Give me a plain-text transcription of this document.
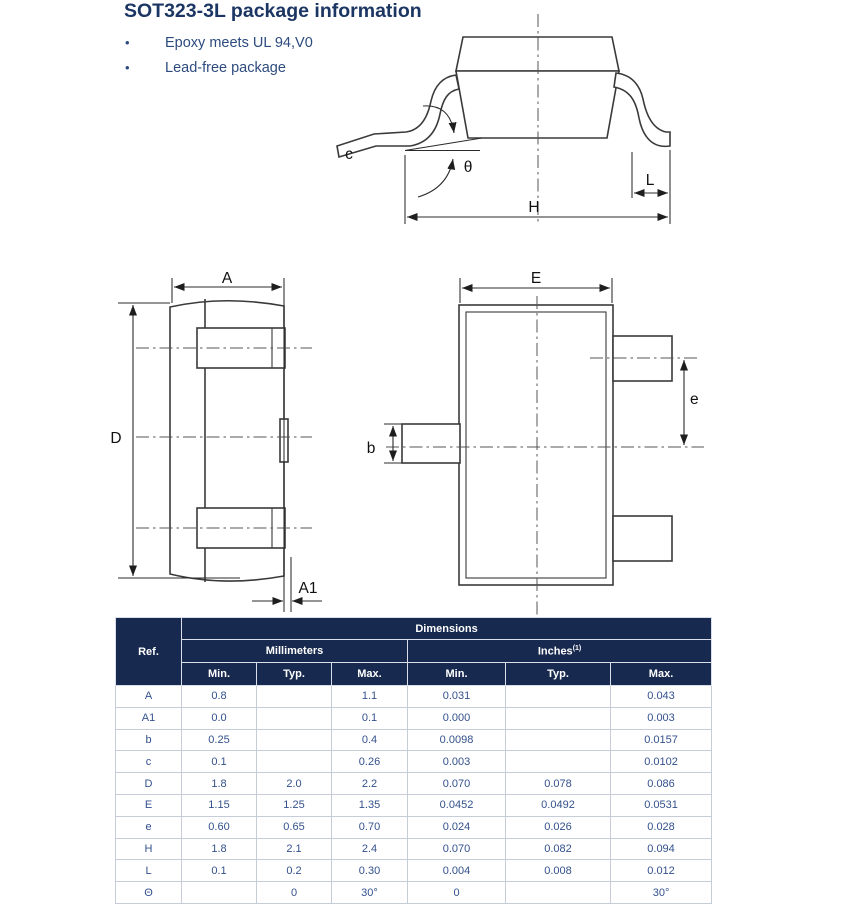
SOT323-3L package information
•
Epoxy meets UL 94,V0
•
Lead-free package
c
θ
H
L
A
D
A1
E
b
e
Ref.	Dimensions					
	Millimeters			Inches$^{(1)}$
	Min.	Typ.	Max.	Min.	Typ.	Max.
A	0.8		1.1	0.031		0.043
A1	0.0		0.1	0.000		0.003
b	0.25		0.4	0.0098		0.0157
c	0.1		0.26	0.003		0.0102
D	1.8	2.0	2.2	0.070	0.078	0.086
E	1.15	1.25	1.35	0.0452	0.0492	0.0531
e	0.60	0.65	0.70	0.024	0.026	0.028
H	1.8	2.1	2.4	0.070	0.082	0.094
L	0.1	0.2	0.30	0.004	0.008	0.012
Θ		0	30°	0		30°
